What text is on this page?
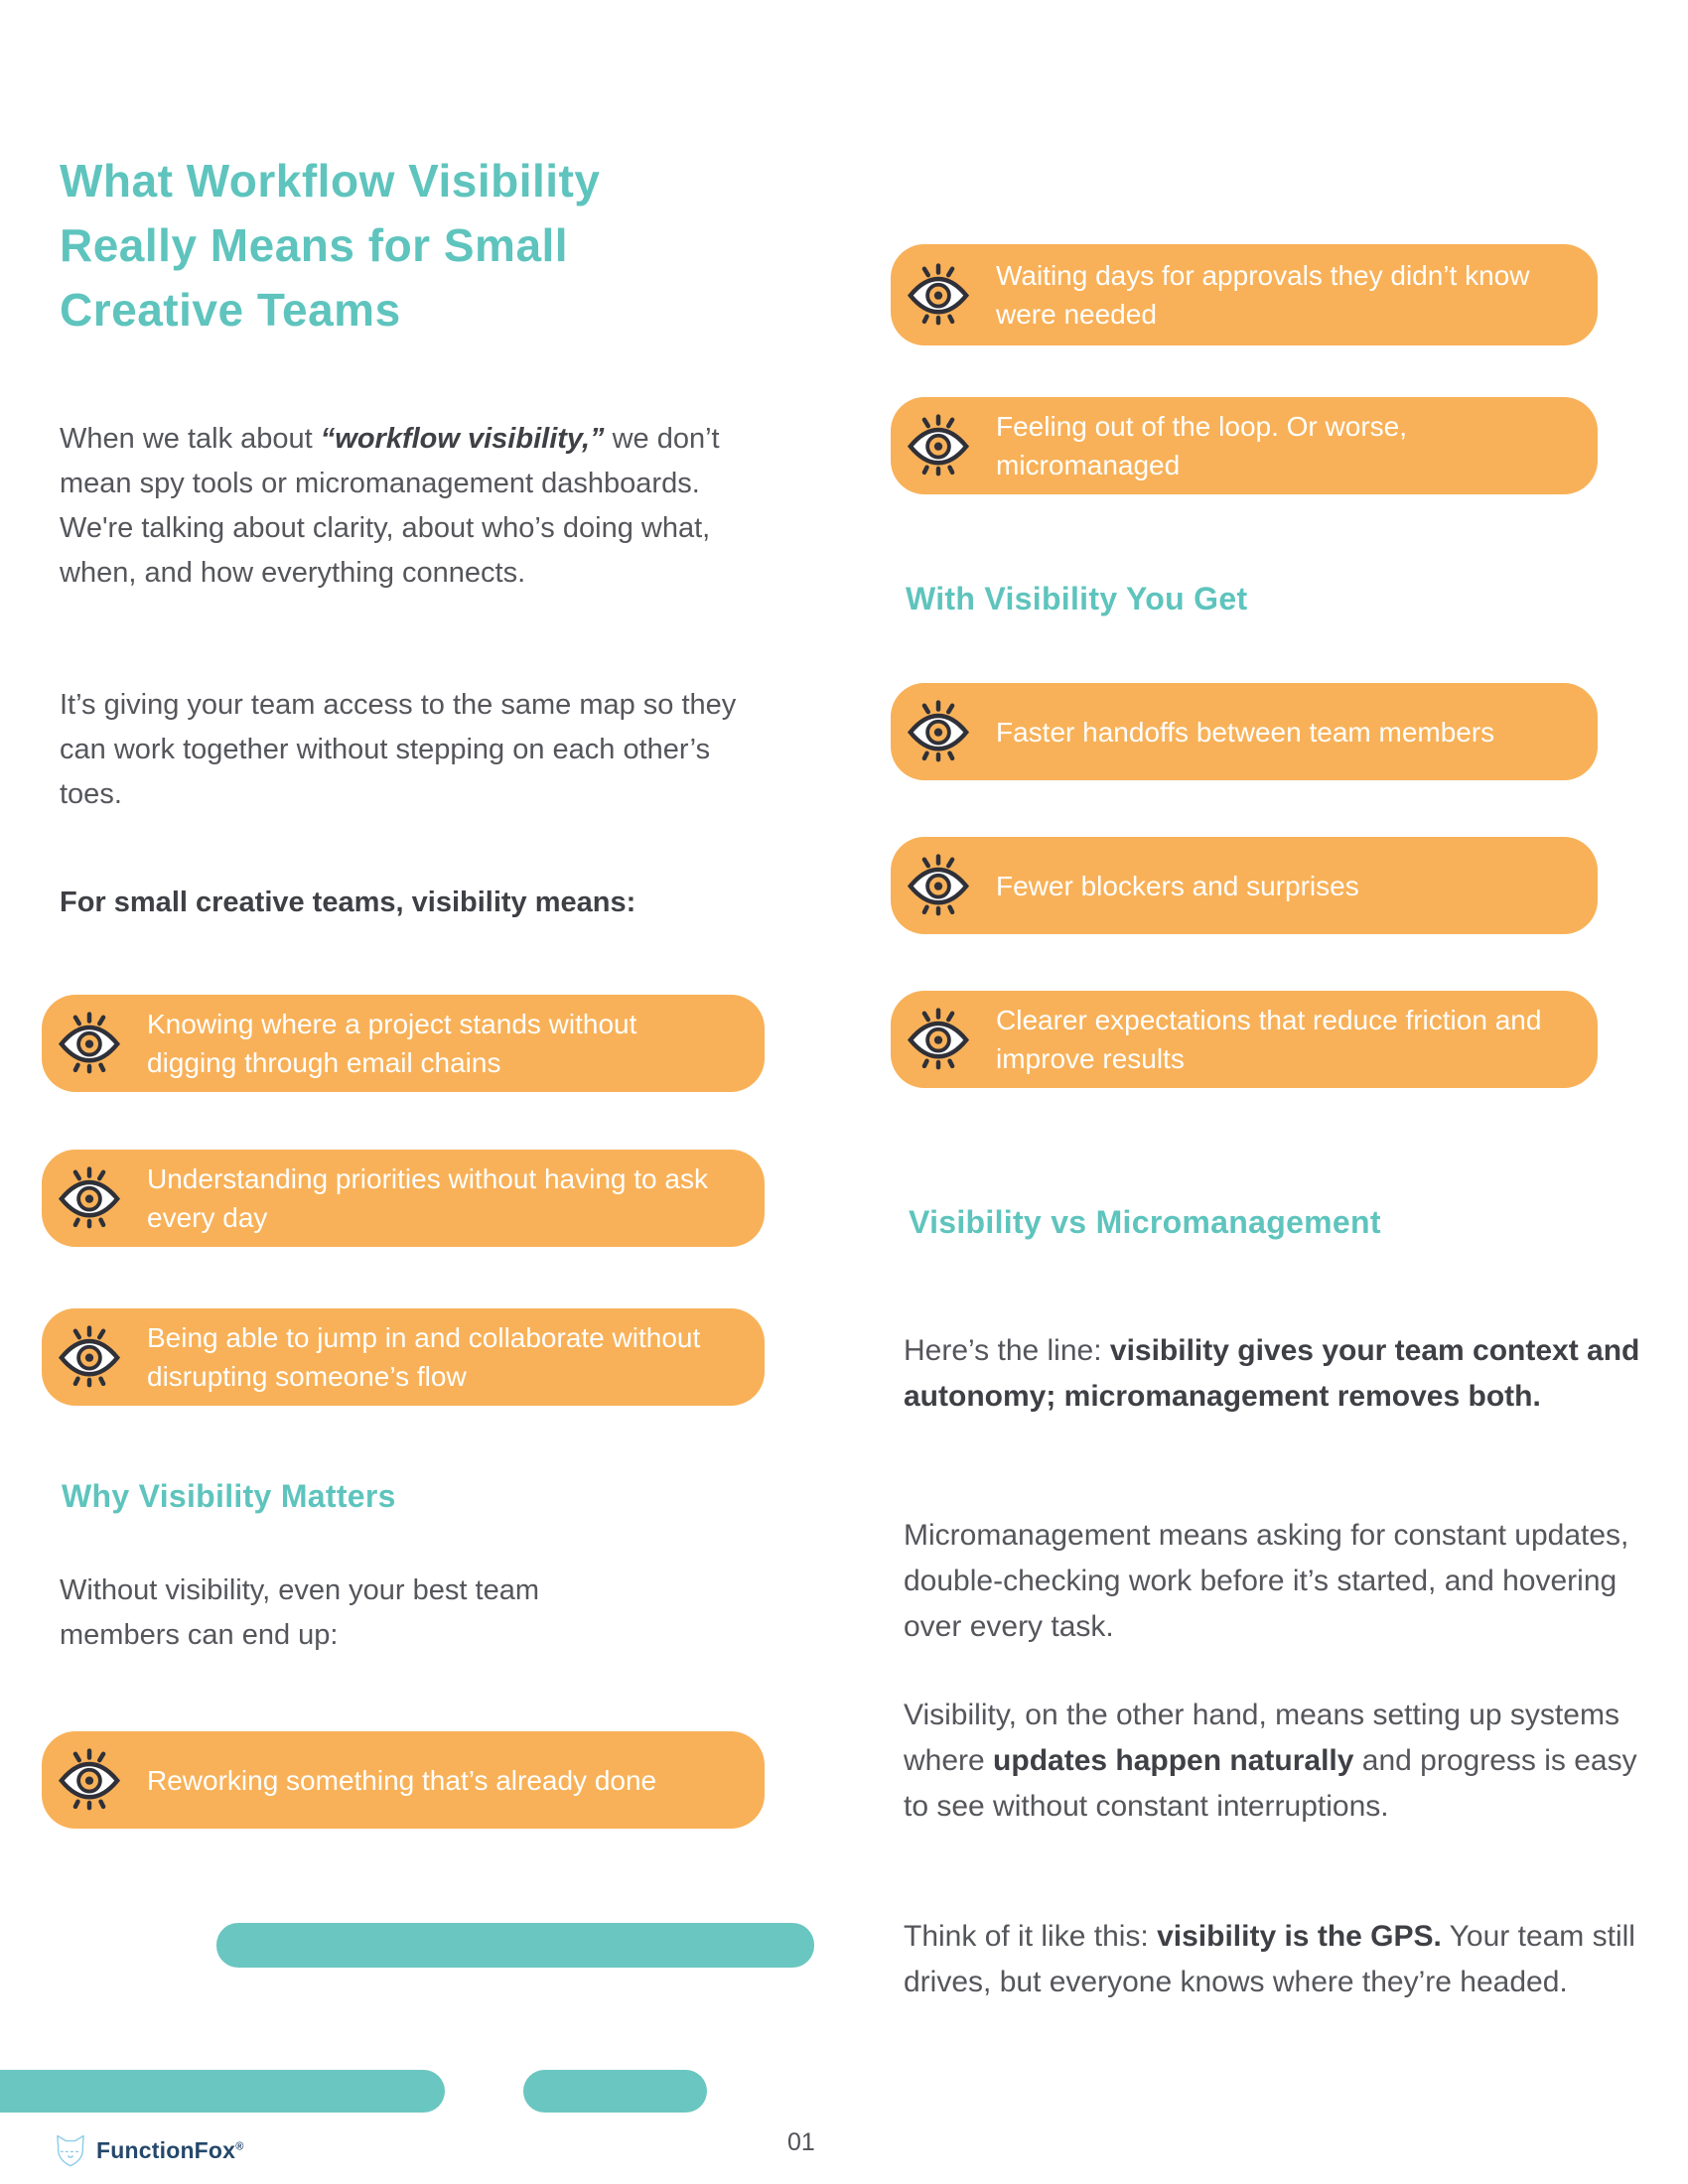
What Workflow Visibility
Really Means for Small
Creative Teams

When we talk about “workflow visibility,” we don’t mean spy tools or micromanagement dashboards. We're talking about clarity, about who’s doing what, when, and how everything connects.

It’s giving your team access to the same map so they can work together without stepping on each other’s toes.

For small creative teams, visibility means:

Knowing where a project stands without digging through email chains
Understanding priorities without having to ask every day
Being able to jump in and collaborate without disrupting someone’s flow
Why Visibility Matters

Without visibility, even your best team members can end up:

Reworking something that’s already done
FunctionFox®	01
Waiting days for approvals they didn’t know were needed
Feeling out of the loop. Or worse, micromanaged
With Visibility You Get
Faster handoffs between team members
Fewer blockers and surprises
Clearer expectations that reduce friction and improve results
Visibility vs Micromanagement

Here’s the line: visibility gives your team context and autonomy; micromanagement removes both.

Micromanagement means asking for constant updates, double-checking work before it’s started, and hovering over every task.

Visibility, on the other hand, means setting up systems where updates happen naturally and progress is easy to see without constant interruptions.

Think of it like this: visibility is the GPS. Your team still drives, but everyone knows where they’re headed.
